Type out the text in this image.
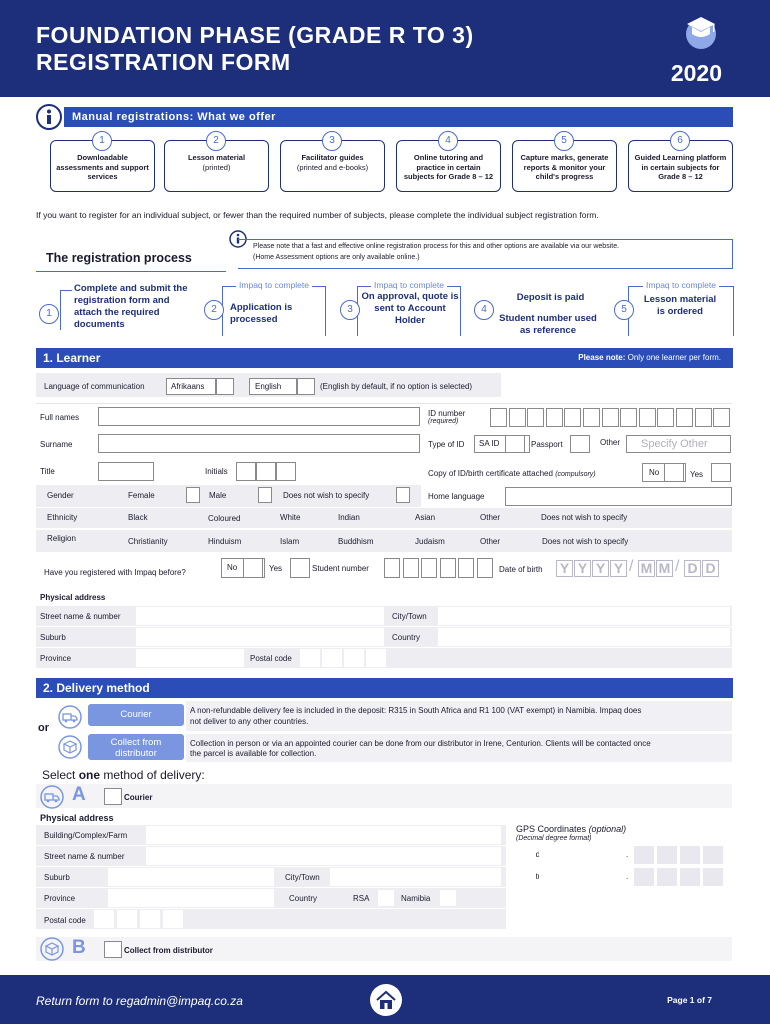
FOUNDATION PHASE (GRADE R TO 3)
REGISTRATION FORM	2020
Manual registrations: What we offer
Downloadable assessments and support services
1
Lesson material
(printed)
2
Facilitator guides
(printed and e-books)
3
Online tutoring and practice in certain subjects for Grade 8 – 12
4
Capture marks, generate reports & monitor your child's progress
5
Guided Learning platform in certain subjects for Grade 8 – 12
6
If you want to register for an individual subject, or fewer than the required number of subjects, please complete the individual subject registration form.
The registration process
Please note that a fast and effective online registration process for this and other options are available via our website.
(Home Assessment options are only available online.)
1
Complete and submit the registration form and attach the required documents
Impaq to complete
2	Application is processed
Impaq to complete
3
On approval, quote is sent to Account Holder
4
Deposit is paid
Student number used as reference
Impaq to complete
5
Lesson material is ordered
1. Learner	Please note: Only one learner per form.
Language of communication	Afrikaans	English	(English by default, if no option is selected)
Full names	ID number
(required)
Surname	Type of ID	SA ID	Passport	Other	Specify Other
Title	Initials	Copy of ID/birth certificate attached (compulsory)	No	Yes
Gender	Female	Male	Does not wish to specify	Home language
Ethnicity	Black	Coloured	White	Indian	Asian	Other	Does not wish to specify
Religion	Christianity	Hinduism	Islam	Buddhism	Judaism	Other	Does not wish to specify
Have you registered with Impaq before?
No	Yes	Student number	Date of birth Y Y Y Y / M M / D D
Physical address
Street name & number	City/Town
Suburb	Country
Province	Postal code
2. Delivery method
Courier	A non-refundable delivery fee is included in the deposit: R315 in South Africa and R1 100 (VAT exempt) in Namibia. Impaq does
not deliver to any other countries.
or
Collect from distributor
Collection in person or via an appointed courier can be done from our distributor in Irene, Centurion. Clients will be contacted once
the parcel is available for collection.
Select one method of delivery:
A	Courier
Physical address
Building/Complex/Farm
GPS Coordinates (optional)
(Decimal degree format)
Street name & number	.
Suburb	City/Town	.
Province	Country	RSA	Namibia
Postal code
B	Collect from distributor
Return form to regadmin@impaq.co.za	Page 1 of 7
